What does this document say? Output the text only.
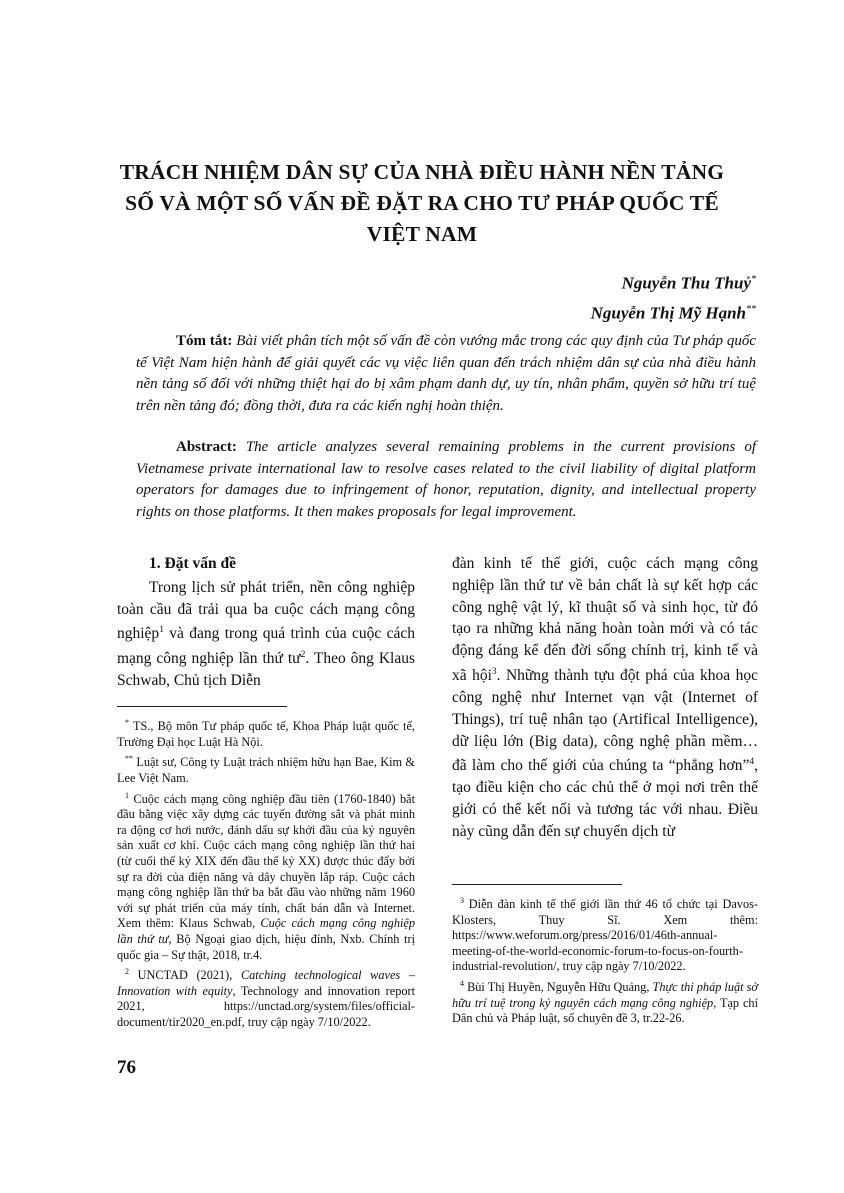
TRÁCH NHIỆM DÂN SỰ CỦA NHÀ ĐIỀU HÀNH NỀN TẢNG
SỐ VÀ MỘT SỐ VẤN ĐỀ ĐẶT RA CHO TƯ PHÁP QUỐC TẾ
VIỆT NAM
Nguyễn Thu Thuỷ*
Nguyễn Thị Mỹ Hạnh**

Tóm tắt: Bài viết phân tích một số vấn đề còn vướng mắc trong các quy định của Tư pháp quốc tế Việt Nam hiện hành để giải quyết các vụ việc liên quan đến trách nhiệm dân sự của nhà điều hành nền tảng số đối với những thiệt hại do bị xâm phạm danh dự, uy tín, nhân phẩm, quyền sở hữu trí tuệ trên nền tảng đó; đồng thời, đưa ra các kiến nghị hoàn thiện.

Abstract: The article analyzes several remaining problems in the current provisions of Vietnamese private international law to resolve cases related to the civil liability of digital platform operators for damages due to infringement of honor, reputation, dignity, and intellectual property rights on those platforms. It then makes proposals for legal improvement.

1. Đặt vấn đề

Trong lịch sử phát triển, nền công nghiệp toàn cầu đã trải qua ba cuộc cách mạng công nghiệp$^1$ và đang trong quá trình của cuộc cách mạng công nghiệp lần thứ $tư^2$. Theo ông Klaus Schwab, Chủ tịch Diễn

đàn kinh tế thế giới, cuộc cách mạng công nghiệp lần thứ tư về bản chất là sự kết hợp các công nghệ vật lý, kĩ thuật số và sinh học, từ đó tạo ra những khả năng hoàn toàn mới và có tác động đáng kể đến đời sống chính trị, kinh tế và xã hội$^3$. Những thành tựu đột phá của khoa học công nghệ như Internet vạn vật (Internet of Things), trí tuệ nhân tạo (Artifical Intelligence), dữ liệu lớn (Big data), công nghệ phần mềm… đã làm cho thế giới của chúng ta “phẳng hơn”$^4$, tạo điều kiện cho các chủ thể ở mọi nơi trên thế giới có thể kết nối và tương tác với nhau. Điều này cũng dẫn đến sự chuyển dịch từ

* TS., Bộ môn Tư pháp quốc tế, Khoa Pháp luật quốc tế, Trường Đại học Luật Hà Nội.

** Luật sư, Công ty Luật trách nhiệm hữu hạn Bae, Kim & Lee Việt Nam.

$^1$ Cuộc cách mạng công nghiệp đầu tiên (1760-1840) bắt đầu bằng việc xây dựng các tuyến đường sắt và phát minh ra động cơ hơi nước, đánh dấu sự khởi đầu của kỷ nguyên sản xuất cơ khí. Cuộc cách mạng công nghiệp lần thứ hai (từ cuối thế kỷ XIX đến đầu thế kỷ XX) được thúc đẩy bởi sự ra đời của điện năng và dây chuyền lắp ráp. Cuộc cách mạng công nghiệp lần thứ ba bắt đầu vào những năm 1960 với sự phát triển của máy tính, chất bán dẫn và Internet. Xem thêm: Klaus Schwab, Cuộc cách mạng công nghiệp lần thứ tư, Bộ Ngoại giao dịch, hiệu đính, Nxb. Chính trị quốc gia – Sự thật, 2018, tr.4.

$^2$ UNCTAD (2021), Catching technological waves – Innovation with equity, Technology and innovation report 2021, https://unctad.org/system/files/official-document/tir2020_en.pdf, truy cập ngày 7/10/2022.

$^3$ Diễn đàn kinh tế thế giới lần thứ 46 tổ chức tại Davos-Klosters, Thuy Sĩ. Xem thêm: https://www.weforum.org/press/2016/01/46th-annual-meeting-of-the-world-economic-forum-to-focus-on-fourth-industrial-revolution/, truy cập ngày 7/10/2022.

$^4$ Bùi Thị Huyền, Nguyễn Hữu Quảng, Thực thi pháp luật sở hữu trí tuệ trong kỷ nguyên cách mạng công nghiệp, Tạp chí Dân chủ và Pháp luật, số chuyên đề 3, tr.22-26.

76
